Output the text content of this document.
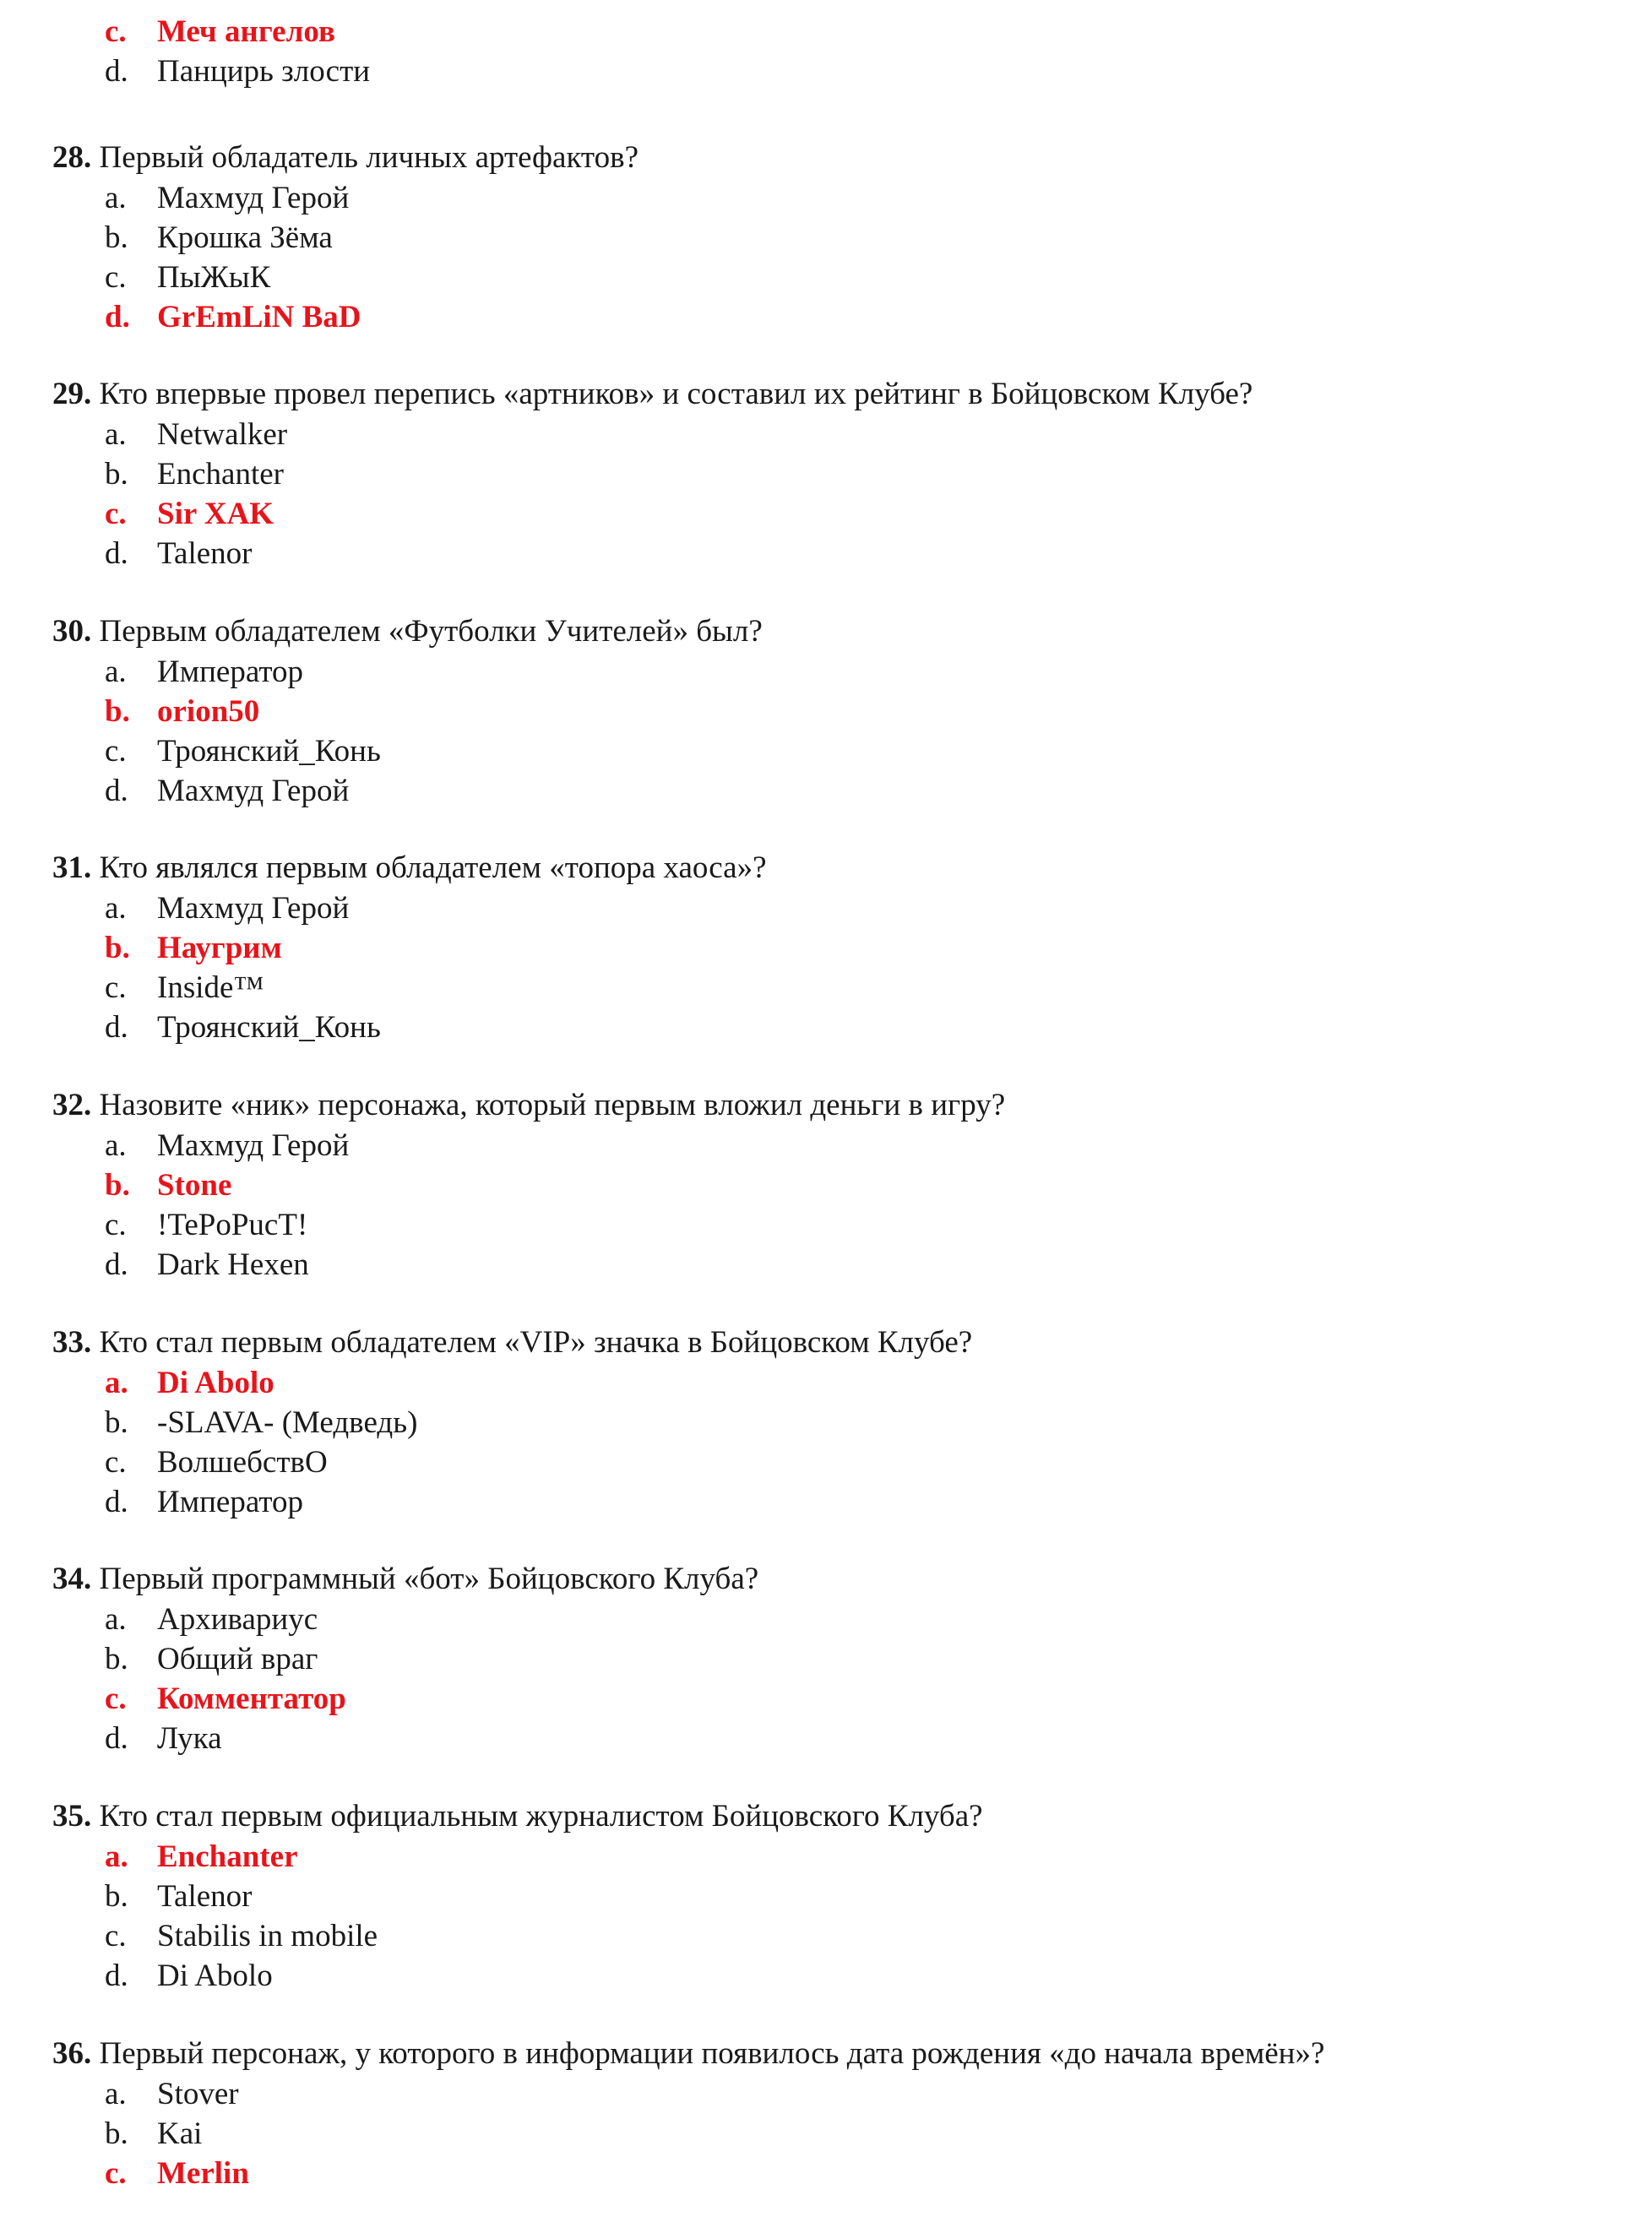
c. Меч ангелов
d. Панцирь злости
28. Первый обладатель личных артефактов?
a. Махмуд Герой
b. Крошка Зёма
c. ПыЖыК
d. GrEmLiN BaD
29. Кто впервые провел перепись «артников» и составил их рейтинг в Бойцовском Клубе?
a. Netwalker
b. Enchanter
c. Sir XAK
d. Talenor
30. Первым обладателем «Футболки Учителей» был?
a. Император
b. orion50
c. Троянский_Конь
d. Махмуд Герой
31. Кто являлся первым обладателем «топора хаоса»?
a. Махмуд Герой
b. Наугрим
c. Inside™
d. Троянский_Конь
32. Назовите «ник» персонажа, который первым вложил деньги в игру?
a. Махмуд Герой
b. Stone
c. !TePoPucT!
d. Dark Hexen
33. Кто стал первым обладателем «VIP» значка в Бойцовском Клубе?
a. Di Abolo
b. -SLAVA- (Медведь)
c. ВолшебствО
d. Император
34. Первый программный «бот» Бойцовского Клуба?
a. Архивариус
b. Общий враг
c. Комментатор
d. Лука
35. Кто стал первым официальным журналистом Бойцовского Клуба?
a. Enchanter
b. Talenor
c. Stabilis in mobile
d. Di Abolo
36. Первый персонаж, у которого в информации появилось дата рождения «до начала времён»?
a. Stover
b. Kai
c. Merlin
